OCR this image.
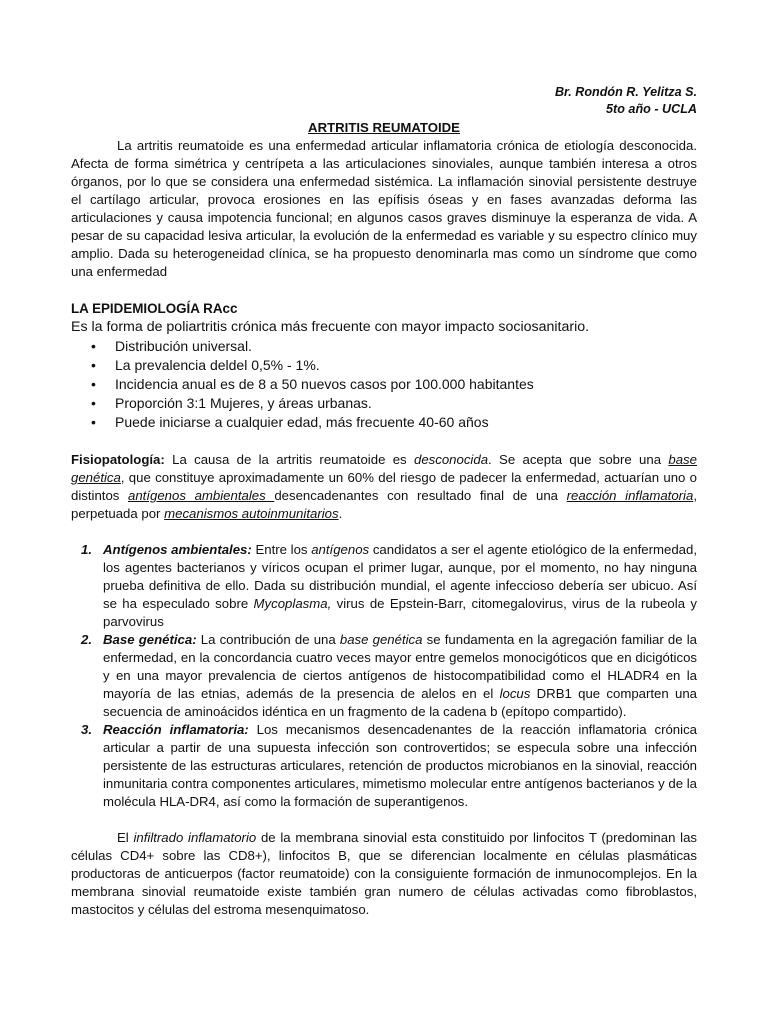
Br. Rondón R. Yelitza S.
5to año - UCLA
ARTRITIS REUMATOIDE

La artritis reumatoide es una enfermedad articular inflamatoria crónica de etiología desconocida. Afecta de forma simétrica y centrípeta a las articulaciones sinoviales, aunque también interesa a otros órganos, por lo que se considera una enfermedad sistémica. La inflamación sinovial persistente destruye el cartílago articular, provoca erosiones en las epífisis óseas y en fases avanzadas deforma las articulaciones y causa impotencia funcional; en algunos casos graves disminuye la esperanza de vida. A pesar de su capacidad lesiva articular, la evolución de la enfermedad es variable y su espectro clínico muy amplio. Dada su heterogeneidad clínica, se ha propuesto denominarla mas como un síndrome que como una enfermedad

LA EPIDEMIOLOGÍA RAcc
Es la forma de poliartritis crónica más frecuente con mayor impacto sociosanitario.
• Distribución universal.
• La prevalencia deldel 0,5% - 1%.
• Incidencia anual es de 8 a 50 nuevos casos por 100.000 habitantes
• Proporción 3:1 Mujeres, y áreas urbanas.
• Puede iniciarse a cualquier edad, más frecuente 40-60 años

Fisiopatología: La causa de la artritis reumatoide es desconocida. Se acepta que sobre una base genética, que constituye aproximadamente un 60% del riesgo de padecer la enfermedad, actuarían uno o distintos antígenos ambientales desencadenantes con resultado final de una reacción inflamatoria, perpetuada por mecanismos autoinmunitarios.

1. Antígenos ambientales: Entre los antígenos candidatos a ser el agente etiológico de la enfermedad, los agentes bacterianos y víricos ocupan el primer lugar, aunque, por el momento, no hay ninguna prueba definitiva de ello. Dada su distribución mundial, el agente infeccioso debería ser ubicuo. Así se ha especulado sobre Mycoplasma, virus de Epstein-Barr, citomegalovirus, virus de la rubeola y parvovirus
2. Base genética: La contribución de una base genética se fundamenta en la agregación familiar de la enfermedad, en la concordancia cuatro veces mayor entre gemelos monocigóticos que en dicigóticos y en una mayor prevalencia de ciertos antígenos de histocompatibilidad como el HLADR4 en la mayoría de las etnias, además de la presencia de alelos en el locus DRB1 que comparten una secuencia de aminoácidos idéntica en un fragmento de la cadena b (epítopo compartido).
3. Reacción inflamatoria: Los mecanismos desencadenantes de la reacción inflamatoria crónica articular a partir de una supuesta infección son controvertidos; se especula sobre una infección persistente de las estructuras articulares, retención de productos microbianos en la sinovial, reacción inmunitaria contra componentes articulares, mimetismo molecular entre antígenos bacterianos y de la molécula HLA-DR4, así como la formación de superantigenos.

El infiltrado inflamatorio de la membrana sinovial esta constituido por linfocitos T (predominan las células CD4+ sobre las CD8+), linfocitos B, que se diferencian localmente en células plasmáticas productoras de anticuerpos (factor reumatoide) con la consiguiente formación de inmunocomplejos. En la membrana sinovial reumatoide existe también gran numero de células activadas como fibroblastos, mastocitos y células del estroma mesenquimatoso.
